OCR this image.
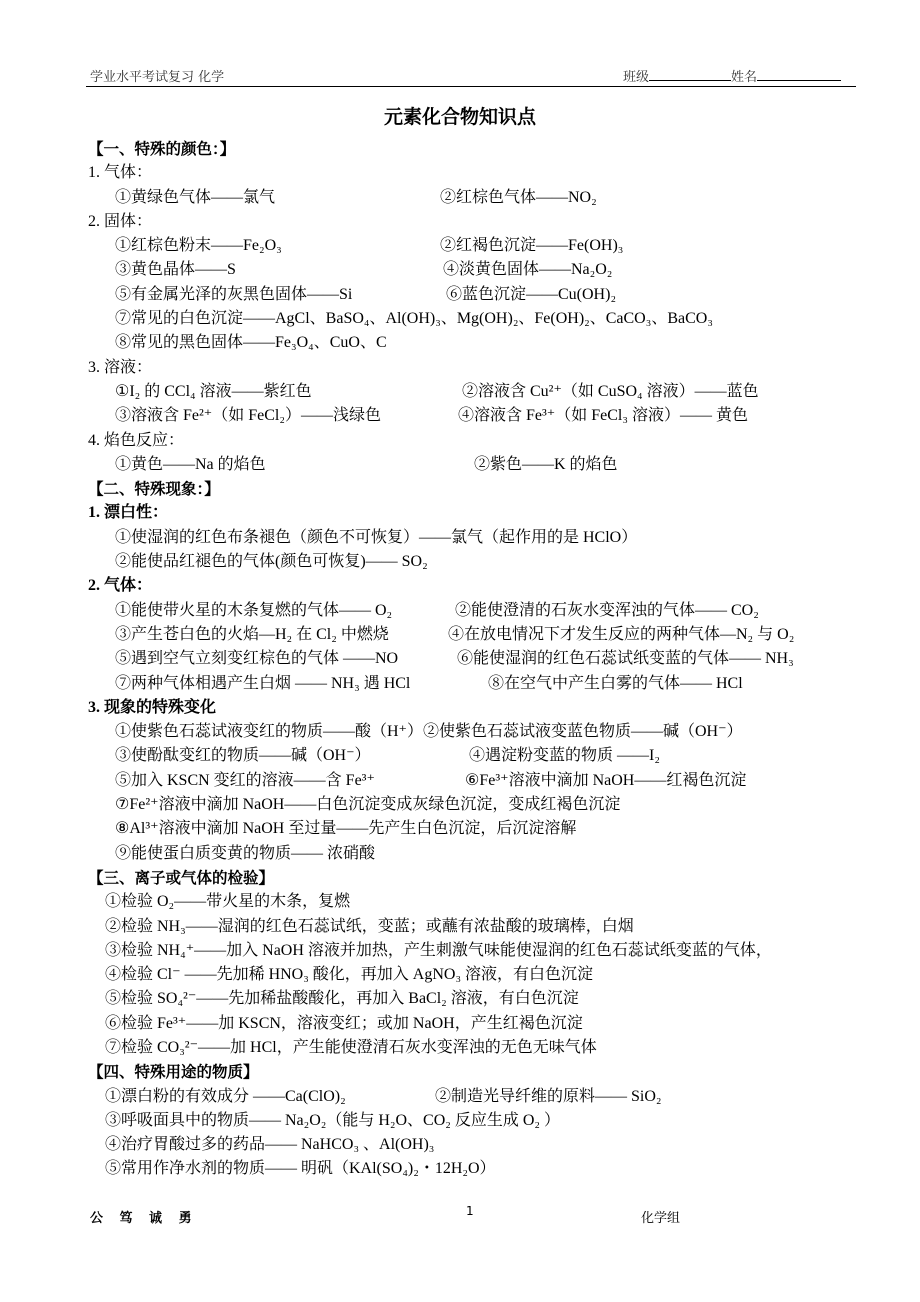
学业水平考试复习 化学	班级	姓名
元素化合物知识点
【一、特殊的颜色：】
1. 气体：
①黄绿色气体——氯气	②红棕色气体——NO₂
2. 固体：
①红棕色粉末——Fe₂O₃	②红褐色沉淀——Fe(OH)₃
③黄色晶体——S	④淡黄色固体——Na₂O₂
⑤有金属光泽的灰黑色固体——Si	⑥蓝色沉淀——Cu(OH)₂
⑦常见的白色沉淀——AgCl、BaSO₄、Al(OH)₃、Mg(OH)₂、Fe(OH)₂、CaCO₃、BaCO₃
⑧常见的黑色固体——Fe₃O₄、CuO、C
3. 溶液：
①I₂ 的 CCl₄ 溶液——紫红色	②溶液含 Cu²⁺（如 CuSO₄ 溶液）——蓝色
③溶液含 Fe²⁺（如 FeCl₂）——浅绿色	④溶液含 Fe³⁺（如 FeCl₃ 溶液）—— 黄色
4. 焰色反应：
①黄色——Na 的焰色	②紫色——K 的焰色
【二、特殊现象：】
1. 漂白性：
①使湿润的红色布条褪色（颜色不可恢复）——氯气（起作用的是 HClO）
②能使品红褪色的气体(颜色可恢复)—— SO₂
2. 气体：
①能使带火星的木条复燃的气体—— O₂	②能使澄清的石灰水变浑浊的气体—— CO₂
③产生苍白色的火焰—H₂ 在 Cl₂ 中燃烧	④在放电情况下才发生反应的两种气体—N₂ 与 O₂
⑤遇到空气立刻变红棕色的气体 ——NO	⑥能使湿润的红色石蕊试纸变蓝的气体—— NH₃
⑦两种气体相遇产生白烟 —— NH₃ 遇 HCl	⑧在空气中产生白雾的气体—— HCl
3. 现象的特殊变化
①使紫色石蕊试液变红的物质——酸（H⁺）②使紫色石蕊试液变蓝色物质——碱（OH⁻）
③使酚酞变红的物质——碱（OH⁻）	④遇淀粉变蓝的物质 ——I₂
⑤加入 KSCN 变红的溶液——含 Fe³⁺	⑥Fe³⁺溶液中滴加 NaOH——红褐色沉淀
⑦Fe²⁺溶液中滴加 NaOH——白色沉淀变成灰绿色沉淀，变成红褐色沉淀
⑧Al³⁺溶液中滴加 NaOH 至过量——先产生白色沉淀，后沉淀溶解
⑨能使蛋白质变黄的物质—— 浓硝酸
【三、离子或气体的检验】
①检验 O₂——带火星的木条，复燃
②检验 NH₃——湿润的红色石蕊试纸，变蓝；或蘸有浓盐酸的玻璃棒，白烟
③检验 NH₄⁺——加入 NaOH 溶液并加热，产生刺激气味能使湿润的红色石蕊试纸变蓝的气体，
④检验 Cl⁻ ——先加稀 HNO₃ 酸化，再加入 AgNO₃ 溶液，有白色沉淀
⑤检验 SO₄²⁻——先加稀盐酸酸化，再加入 BaCl₂ 溶液，有白色沉淀
⑥检验 Fe³⁺——加 KSCN，溶液变红；或加 NaOH，产生红褐色沉淀
⑦检验 CO₃²⁻——加 HCl，产生能使澄清石灰水变浑浊的无色无味气体
【四、特殊用途的物质】
①漂白粉的有效成分 ——Ca(ClO)₂	②制造光导纤维的原料—— SiO₂
③呼吸面具中的物质—— Na₂O₂（能与 H₂O、CO₂ 反应生成 O₂ ）
④治疗胃酸过多的药品—— NaHCO₃ 、Al(OH)₃
⑤常用作净水剂的物质—— 明矾（KAl(SO₄)₂・12H₂O）
公 笃 诚 勇	1	化学组
